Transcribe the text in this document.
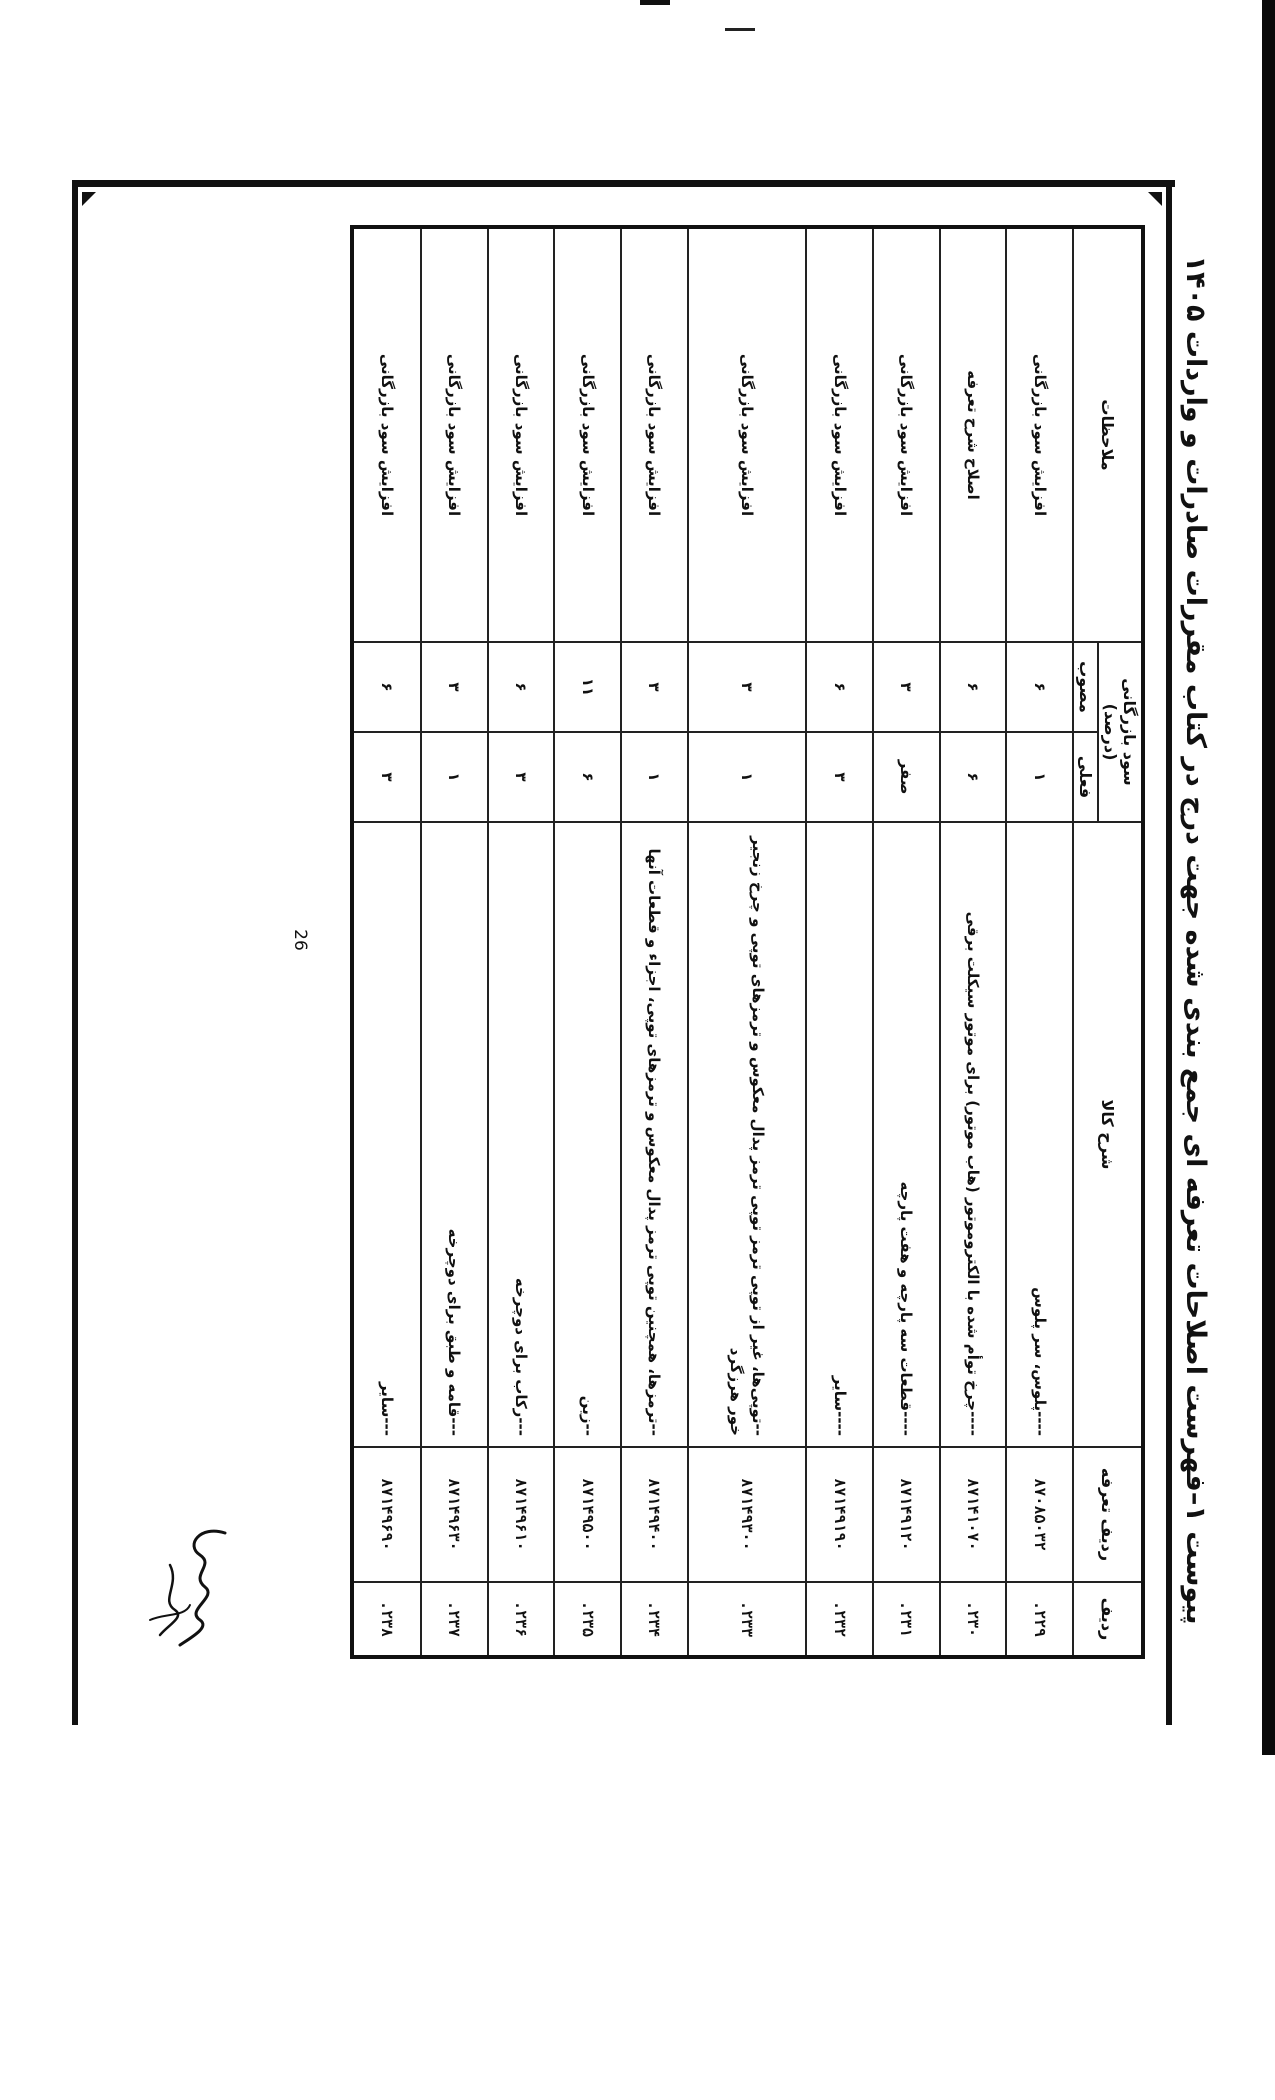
پیوست ۱–فهرست اصلاحات تعرفه ای جمع بندی شده جهت درج در کتاب مقررات صادرات و واردات ۱۴۰۵
ردیف	ردیف تعرفه	شرح کالا	سود بازرگانی (درصد)		ملاحظات
			فعلی	مصوب	
.۲۲۹	۸۷۰۸۵۰۳۲	----پلوس، سر پلوس	۱	۶	افزایش سود بازرگانی
.۲۳۰	۸۷۱۴۱۰۷۰	----چرخ توأم شده با الکتروموتور (هاب موتور) برای موتور سیکلت برقی	۶	۶	اصلاح شرح تعرفه
.۲۳۱	۸۷۱۴۹۱۲۰	----قطعات سه پارچه و هفت پارچه	صفر	۳	افزایش سود بازرگانی
.۲۳۲	۸۷۱۴۹۱۹۰	----سایر	۳	۶	افزایش سود بازرگانی
.۲۳۳	۸۷۱۴۹۳۰۰	--توپی‌ها، غیر از توپی ترمز توپی ترمز پدال معکوس و ترمزهای توپی و چرخ زنجیر خور هرزگرد	۱	۳	افزایش سود بازرگانی
.۲۳۴	۸۷۱۴۹۴۰۰	--ترمزها، همچنین توپی ترمز پدال معکوس و ترمزهای توپی، اجزاء و قطعات آنها	۱	۳	افزایش سود بازرگانی
.۲۳۵	۸۷۱۴۹۵۰۰	--زین	۶	۱۱	افزایش سود بازرگانی
.۲۳۶	۸۷۱۴۹۶۱۰	---رکاب برای دوچرخه	۳	۶	افزایش سود بازرگانی
.۲۳۷	۸۷۱۴۹۶۳۰	---قامه و طبق برای دوچرخه	۱	۳	افزایش سود بازرگانی
.۲۳۸	۸۷۱۴۹۶۹۰	---سایر	۳	۶	افزایش سود بازرگانی
26
